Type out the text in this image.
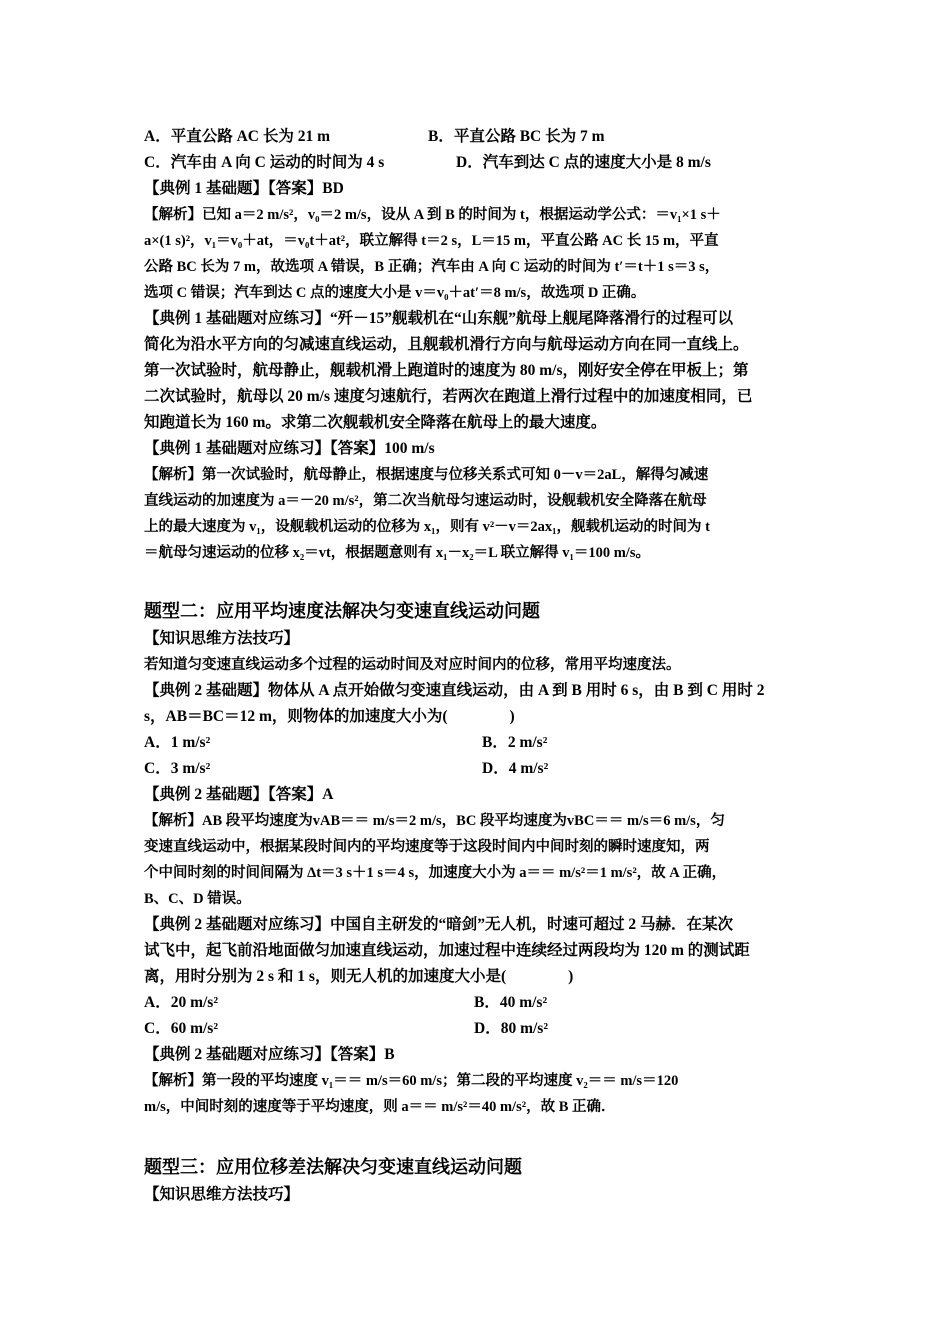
A．平直公路 AC 长为 21 m
C．汽车由 A 向 C 运动的时间为 4 s
【典例 1 基础题】【答案】BD
【解析】已知 a＝2 m/s²，v₀＝2 m/s，设从 A 到 B 的时间为 t，根据运动学公式：＝v₁×1 s＋
a×(1 s)²，v₁＝v₀＋at，＝v₀t＋at²，联立解得 t＝2 s，L＝15 m，平直公路 AC 长 15 m，平直
公路 BC 长为 7 m，故选项 A 错误，B 正确；汽车由 A 向 C 运动的时间为 t′＝t＋1 s＝3 s，
选项 C 错误；汽车到达 C 点的速度大小是 v＝v₀＋at′＝8 m/s，故选项 D 正确。
【典例 1 基础题对应练习】“歼－15”舰载机在“山东舰”航母上舰尾降落滑行的过程可以
简化为沿水平方向的匀减速直线运动，且舰载机滑行方向与航母运动方向在同一直线上。
第一次试验时，航母静止，舰载机滑上跑道时的速度为 80 m/s，刚好安全停在甲板上；第
二次试验时，航母以 20 m/s 速度匀速航行，若两次在跑道上滑行过程中的加速度相同，已
知跑道长为 160 m。求第二次舰载机安全降落在航母上的最大速度。
【典例 1 基础题对应练习】【答案】100 m/s
【解析】第一次试验时，航母静止，根据速度与位移关系式可知 0－v＝2aL，解得匀减速
直线运动的加速度为 a＝－20 m/s²，第二次当航母匀速运动时，设舰载机安全降落在航母
上的最大速度为 v₁，设舰载机运动的位移为 x₁，则有 v²－v＝2ax₁，舰载机运动的时间为 t
＝航母匀速运动的位移 x₂＝vt，根据题意则有 x₁－x₂＝L 联立解得 v₁＝100 m/s。
题型二：应用平均速度法解决匀变速直线运动问题
【知识思维方法技巧】
若知道匀变速直线运动多个过程的运动时间及对应时间内的位移，常用平均速度法。
【典例 2 基础题】物体从 A 点开始做匀变速直线运动，由 A 到 B 用时 6 s，由 B 到 C 用时 2
s，AB＝BC＝12 m，则物体的加速度大小为(　　　　)
A．1 m/s²
C．3 m/s²
【典例 2 基础题】【答案】A
【解析】AB 段平均速度为vAB＝＝ m/s＝2 m/s，BC 段平均速度为vBC＝＝ m/s＝6 m/s，匀
变速直线运动中，根据某段时间内的平均速度等于这段时间内中间时刻的瞬时速度知，两
个中间时刻的时间间隔为 Δt＝3 s＋1 s＝4 s，加速度大小为 a＝＝ m/s²＝1 m/s²，故 A 正确，
B、C、D 错误。
【典例 2 基础题对应练习】中国自主研发的“暗剑”无人机，时速可超过 2 马赫．在某次
试飞中，起飞前沿地面做匀加速直线运动，加速过程中连续经过两段均为 120 m 的测试距
离，用时分别为 2 s 和 1 s，则无人机的加速度大小是(　　　　)
A．20 m/s²
C．60 m/s²
【典例 2 基础题对应练习】【答案】B
【解析】第一段的平均速度 v₁＝＝ m/s＝60 m/s；第二段的平均速度 v₂＝＝ m/s＝120
m/s，中间时刻的速度等于平均速度，则 a＝＝ m/s²＝40 m/s²，故 B 正确．
题型三：应用位移差法解决匀变速直线运动问题
【知识思维方法技巧】
B．平直公路 BC 长为 7 m
D．汽车到达 C 点的速度大小是 8 m/s
B．2 m/s²
D．4 m/s²
B．40 m/s²
D．80 m/s²
